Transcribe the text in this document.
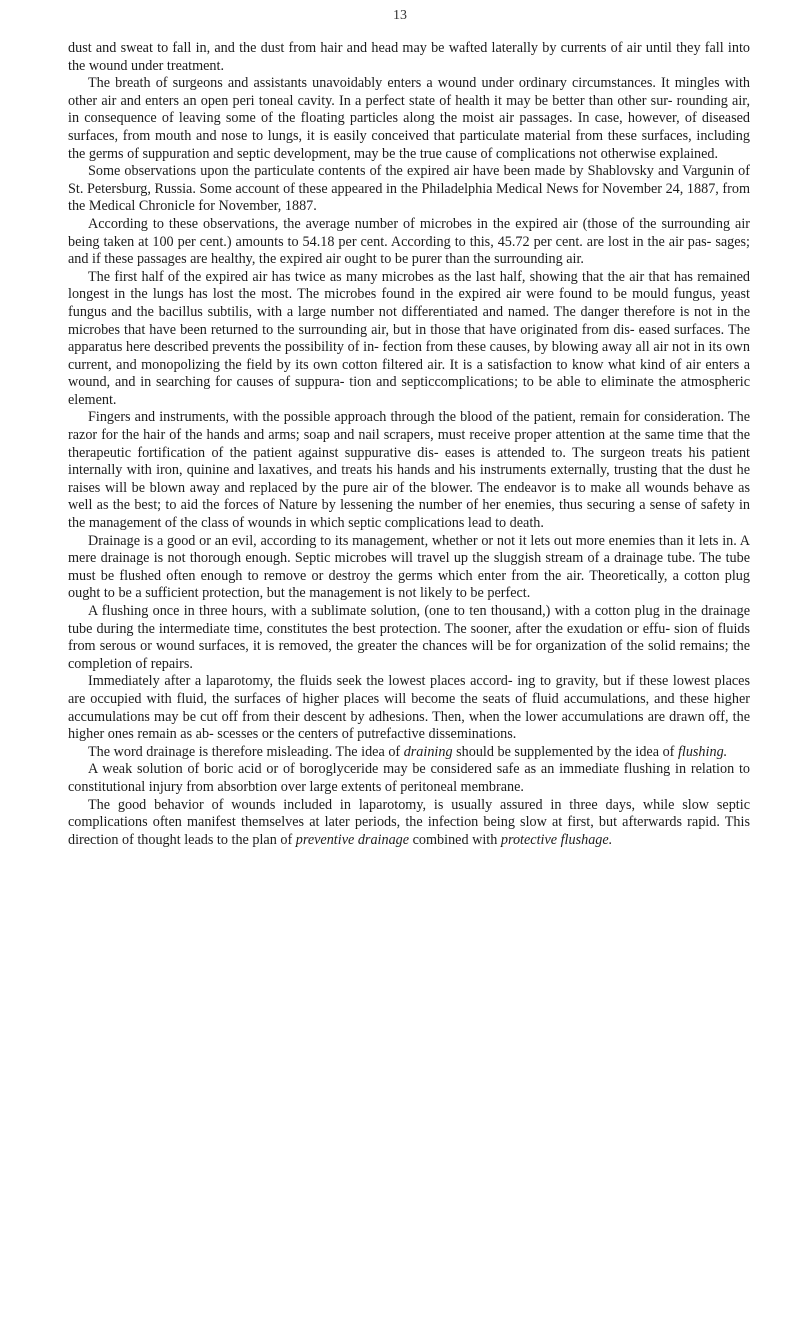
13

dust and sweat to fall in, and the dust from hair and head may be wafted laterally by currents of air until they fall into the wound under treatment.

The breath of surgeons and assistants unavoidably enters a wound under ordinary circumstances. It mingles with other air and enters an open peri toneal cavity. In a perfect state of health it may be better than other sur- rounding air, in consequence of leaving some of the floating particles along the moist air passages. In case, however, of diseased surfaces, from mouth and nose to lungs, it is easily conceived that particulate material from these surfaces, including the germs of suppuration and septic development, may be the true cause of complications not otherwise explained.

Some observations upon the particulate contents of the expired air have been made by Shablovsky and Vargunin of St. Petersburg, Russia. Some account of these appeared in the Philadelphia Medical News for November 24, 1887, from the Medical Chronicle for November, 1887.

According to these observations, the average number of microbes in the expired air (those of the surrounding air being taken at 100 per cent.) amounts to 54.18 per cent. According to this, 45.72 per cent. are lost in the air pas- sages; and if these passages are healthy, the expired air ought to be purer than the surrounding air.

The first half of the expired air has twice as many microbes as the last half, showing that the air that has remained longest in the lungs has lost the most. The microbes found in the expired air were found to be mould fungus, yeast fungus and the bacillus subtilis, with a large number not differentiated and named. The danger therefore is not in the microbes that have been returned to the surrounding air, but in those that have originated from dis- eased surfaces. The apparatus here described prevents the possibility of in- fection from these causes, by blowing away all air not in its own current, and monopolizing the field by its own cotton filtered air. It is a satisfaction to know what kind of air enters a wound, and in searching for causes of suppura- tion and septiccomplications; to be able to eliminate the atmospheric element.

Fingers and instruments, with the possible approach through the blood of the patient, remain for consideration. The razor for the hair of the hands and arms; soap and nail scrapers, must receive proper attention at the same time that the therapeutic fortification of the patient against suppurative dis- eases is attended to. The surgeon treats his patient internally with iron, quinine and laxatives, and treats his hands and his instruments externally, trusting that the dust he raises will be blown away and replaced by the pure air of the blower. The endeavor is to make all wounds behave as well as the best; to aid the forces of Nature by lessening the number of her enemies, thus securing a sense of safety in the management of the class of wounds in which septic complications lead to death.

Drainage is a good or an evil, according to its management, whether or not it lets out more enemies than it lets in. A mere drainage is not thorough enough. Septic microbes will travel up the sluggish stream of a drainage tube. The tube must be flushed often enough to remove or destroy the germs which enter from the air. Theoretically, a cotton plug ought to be a sufficient protection, but the management is not likely to be perfect.

A flushing once in three hours, with a sublimate solution, (one to ten thousand,) with a cotton plug in the drainage tube during the intermediate time, constitutes the best protection. The sooner, after the exudation or effu- sion of fluids from serous or wound surfaces, it is removed, the greater the chances will be for organization of the solid remains; the completion of repairs.

Immediately after a laparotomy, the fluids seek the lowest places accord- ing to gravity, but if these lowest places are occupied with fluid, the surfaces of higher places will become the seats of fluid accumulations, and these higher accumulations may be cut off from their descent by adhesions. Then, when the lower accumulations are drawn off, the higher ones remain as ab- scesses or the centers of putrefactive disseminations.

The word drainage is therefore misleading. The idea of draining should be supplemented by the idea of flushing.

A weak solution of boric acid or of boroglyceride may be considered safe as an immediate flushing in relation to constitutional injury from absorbtion over large extents of peritoneal membrane.

The good behavior of wounds included in laparotomy, is usually assured in three days, while slow septic complications often manifest themselves at later periods, the infection being slow at first, but afterwards rapid. This direction of thought leads to the plan of preventive drainage combined with protective flushage.
